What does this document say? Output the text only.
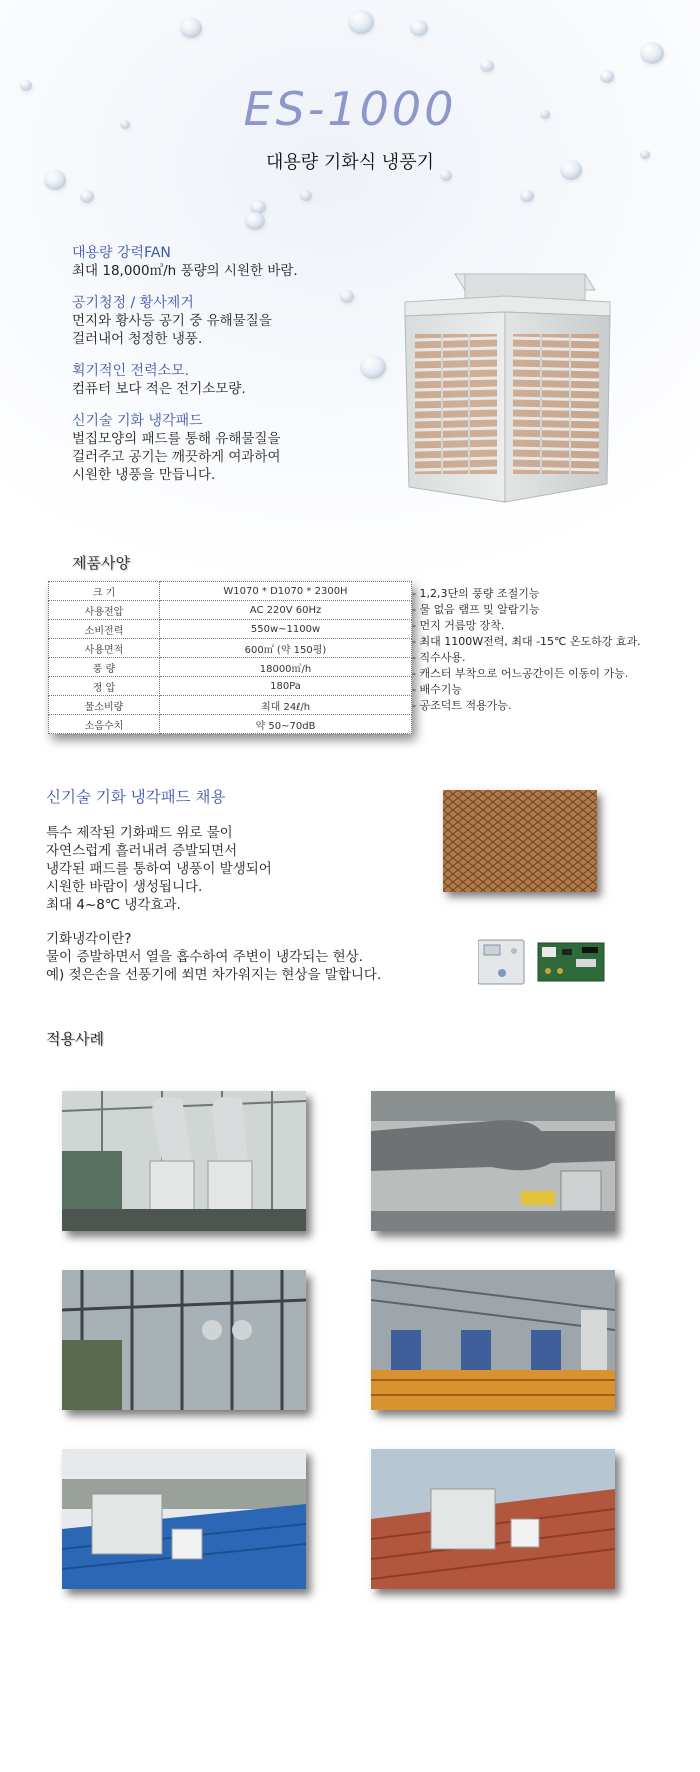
ES-1000
대용량 기화식 냉풍기
대용량 강력FAN
최대 18,000㎥/h 풍량의 시원한 바람.
공기청정 / 황사제거
먼지와 황사등 공기 중 유해물질을
걸러내어 청정한 냉풍.
획기적인 전력소모.
컴퓨터 보다 적은 전기소모량.
신기술 기화 냉각패드
벌집모양의 패드를 통해 유해물질을
걸러주고 공기는 깨끗하게 여과하여
시원한 냉풍을 만듭니다.
제품사양
크 기	W1070 * D1070 * 2300H
사용전압	AC 220V 60Hz
소비전력	550w~1100w
사용면적	600㎡ (약 150평)
풍 량	18000㎥/h
정 압	180Pa
물소비량	최대 24ℓ/h
소음수치	약 50~70dB
- 1,2,3단의 풍량 조절기능
- 물 없음 램프 및 알람기능
- 먼지 거름망 장착.
- 최대 1100W전력, 최대 -15℃ 온도하강 효과.
- 직수사용.
- 캐스터 부착으로 어느공간이든 이동이 가능.
- 배수기능
- 공조덕트 적용가능.
신기술 기화 냉각패드 채용
특수 제작된 기화패드 위로 물이
자연스럽게 흘러내려 증발되면서
냉각된 패드를 통하여 냉풍이 발생되어
시원한 바람이 생성됩니다.
최대 4~8℃ 냉각효과.
기화냉각이란?
물이 증발하면서 열을 흡수하여 주변이 냉각되는 현상.
예) 젖은손을 선풍기에 쐬면 차가워지는 현상을 말합니다.
적용사례
